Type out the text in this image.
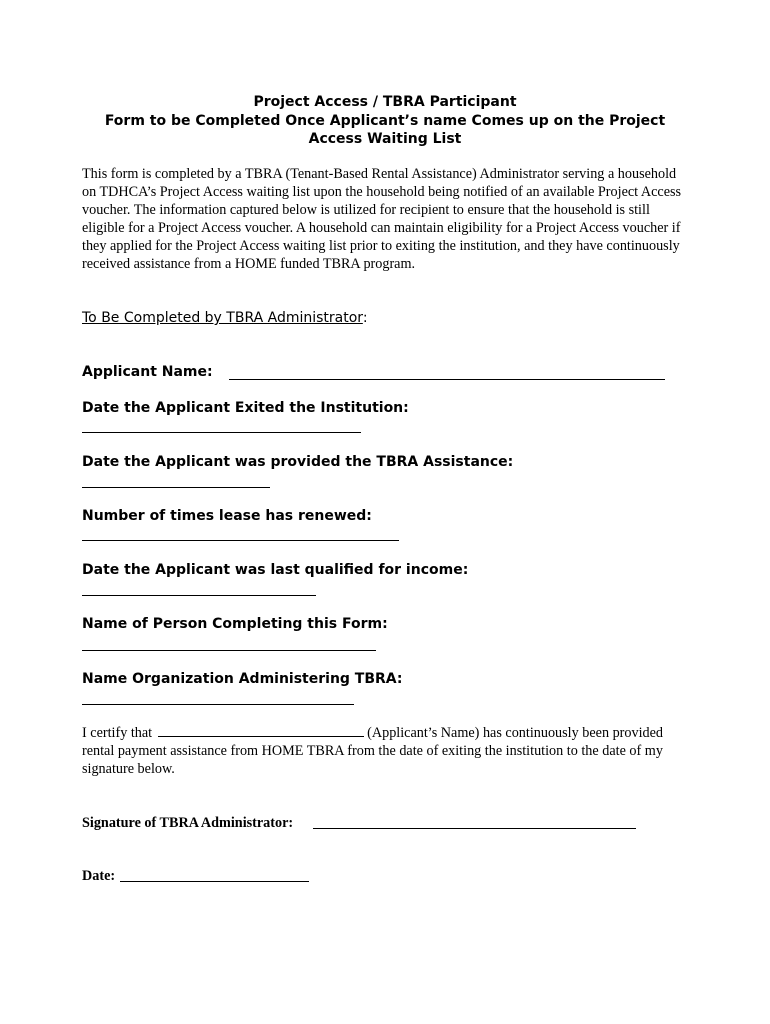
Project Access / TBRA Participant
Form to be Completed Once Applicant’s name Comes up on the Project
Access Waiting List

This form is completed by a TBRA (Tenant-Based Rental Assistance) Administrator serving a household on TDHCA’s Project Access waiting list upon the household being notified of an available Project Access voucher. The information captured below is utilized for recipient to ensure that the household is still eligible for a Project Access voucher. A household can maintain eligibility for a Project Access voucher if they applied for the Project Access waiting list prior to exiting the institution, and they have continuously received assistance from a HOME funded TBRA program.

To Be Completed by TBRA Administrator:
Applicant Name:
Date the Applicant Exited the Institution:
Date the Applicant was provided the TBRA Assistance:
Number of times lease has renewed:
Date the Applicant was last qualified for income:
Name of Person Completing this Form:
Name Organization Administering TBRA:

I certify that	(Applicant’s Name) has continuously been provided rental payment assistance from HOME TBRA from the date of exiting the institution to the date of my signature below.

Signature of TBRA Administrator:
Date:
